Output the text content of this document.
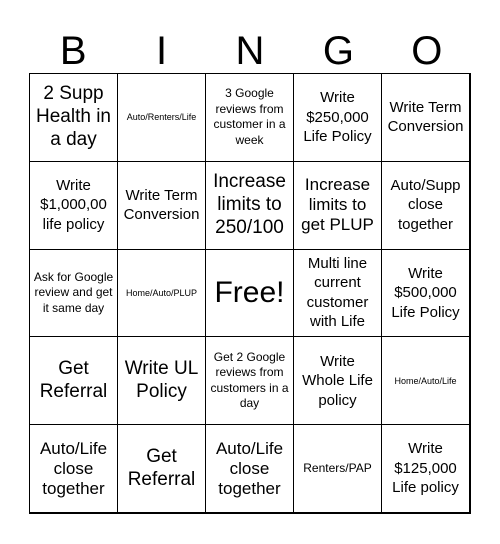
B	I	N	G	O
2 Supp Health in a day
Auto/Renters/Life
3 Google reviews from customer in a week
Write $250,000 Life Policy
Write Term Conversion
Write $1,000,00 life policy
Write Term Conversion
Increase limits to 250/100
Increase limits to get PLUP
Auto/Supp close together
Ask for Google review and get it same day
Home/Auto/PLUP Free!
Multi line current customer with Life
Write $500,000 Life Policy
Get Referral
Write UL Policy
Get 2 Google reviews from customers in a day
Write Whole Life policy
Home/Auto/Life
Auto/Life close together
Get Referral
Auto/Life close together
Renters/PAP
Write $125,000 Life policy
